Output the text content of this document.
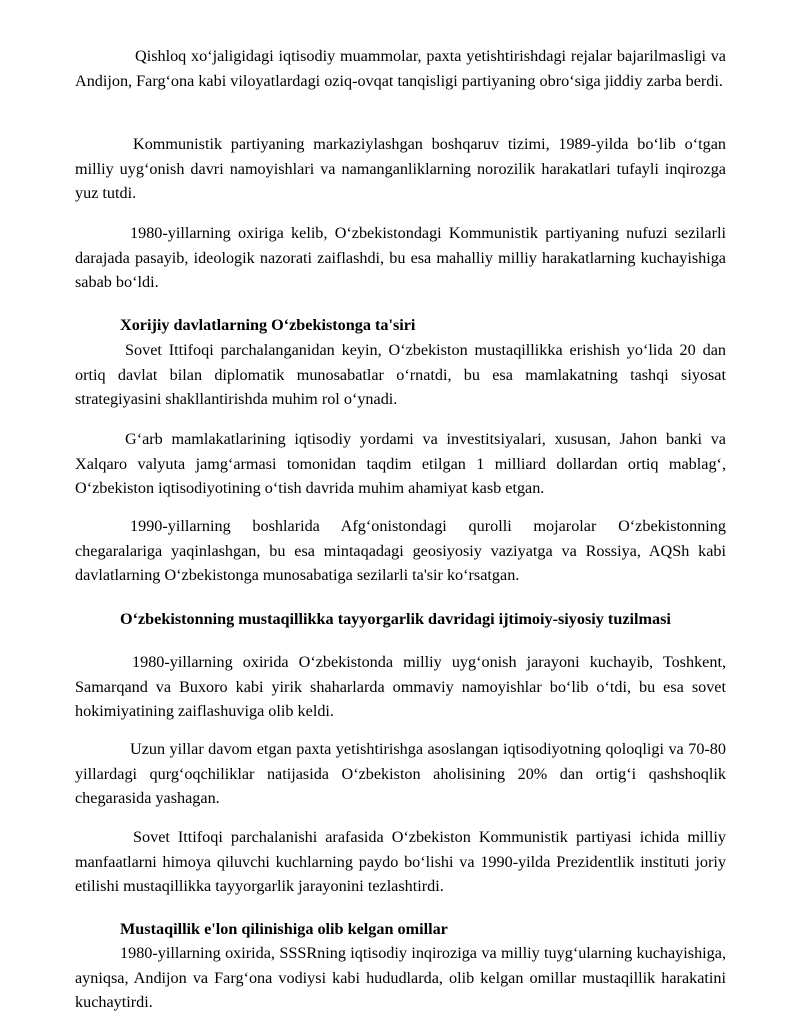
Qishloq xo‘jaligidagi iqtisodiy muammolar, paxta yetishtirishdagi rejalar bajarilmasligi va Andijon, Farg‘ona kabi viloyatlardagi oziq-ovqat tanqisligi partiyaning obro‘siga jiddiy zarba berdi.

Kommunistik partiyaning markaziylashgan boshqaruv tizimi, 1989-yilda bo‘lib o‘tgan milliy uyg‘onish davri namoyishlari va namanganliklarning norozilik harakatlari tufayli inqirozga yuz tutdi.

1980-yillarning oxiriga kelib, O‘zbekistondagi Kommunistik partiyaning nufuzi sezilarli darajada pasayib, ideologik nazorati zaiflashdi, bu esa mahalliy milliy harakatlarning kuchayishiga sabab bo‘ldi.

Xorijiy davlatlarning O‘zbekistonga ta'siri

Sovet Ittifoqi parchalanganidan keyin, O‘zbekiston mustaqillikka erishish yo‘lida 20 dan ortiq davlat bilan diplomatik munosabatlar o‘rnatdi, bu esa mamlakatning tashqi siyosat strategiyasini shakllantirishda muhim rol o‘ynadi.

G‘arb mamlakatlarining iqtisodiy yordami va investitsiyalari, xususan, Jahon banki va Xalqaro valyuta jamg‘armasi tomonidan taqdim etilgan 1 milliard dollardan ortiq mablag‘, O‘zbekiston iqtisodiyotining o‘tish davrida muhim ahamiyat kasb etgan.

1990-yillarning boshlarida Afg‘onistondagi qurolli mojarolar O‘zbekistonning chegaralariga yaqinlashgan, bu esa mintaqadagi geosiyosiy vaziyatga va Rossiya, AQSh kabi davlatlarning O‘zbekistonga munosabatiga sezilarli ta'sir ko‘rsatgan.

O‘zbekistonning mustaqillikka tayyorgarlik davridagi ijtimoiy-siyosiy tuzilmasi

1980-yillarning oxirida O‘zbekistonda milliy uyg‘onish jarayoni kuchayib, Toshkent, Samarqand va Buxoro kabi yirik shaharlarda ommaviy namoyishlar bo‘lib o‘tdi, bu esa sovet hokimiyatining zaiflashuviga olib keldi.

Uzun yillar davom etgan paxta yetishtirishga asoslangan iqtisodiyotning qoloqligi va 70-80 yillardagi qurg‘oqchiliklar natijasida O‘zbekiston aholisining 20% dan ortig‘i qashshoqlik chegarasida yashagan.

Sovet Ittifoqi parchalanishi arafasida O‘zbekiston Kommunistik partiyasi ichida milliy manfaatlarni himoya qiluvchi kuchlarning paydo bo‘lishi va 1990-yilda Prezidentlik instituti joriy etilishi mustaqillikka tayyorgarlik jarayonini tezlashtirdi.

Mustaqillik e'lon qilinishiga olib kelgan omillar

1980-yillarning oxirida, SSSRning iqtisodiy inqiroziga va milliy tuyg‘ularning kuchayishiga, ayniqsa, Andijon va Farg‘ona vodiysi kabi hududlarda, olib kelgan omillar mustaqillik harakatini kuchaytirdi.
